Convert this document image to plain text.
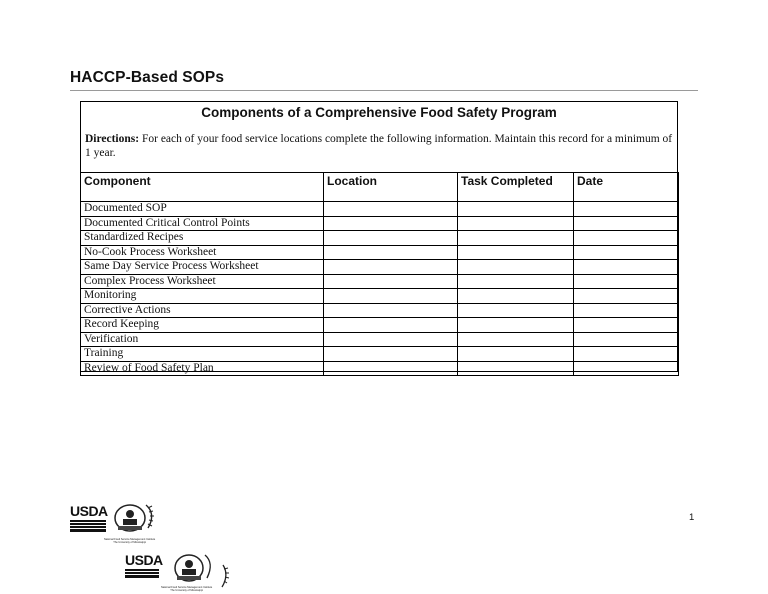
HACCP-Based SOPs
Components of a Comprehensive Food Safety Program
Directions: For each of your food service locations complete the following information. Maintain this record for a minimum of 1 year.
Component	Location	Task Completed	Date
Documented SOP			
Documented Critical Control Points			
Standardized Recipes			
No-Cook Process Worksheet			
Same Day Service Process Worksheet			
Complex Process Worksheet			
Monitoring			
Corrective Actions			
Record Keeping			
Verification			
Training			
Review of Food Safety Plan			
1
USDA
National Food Service Management Institute
The University of Mississippi
USDA
National Food Service Management Institute
The University of Mississippi
